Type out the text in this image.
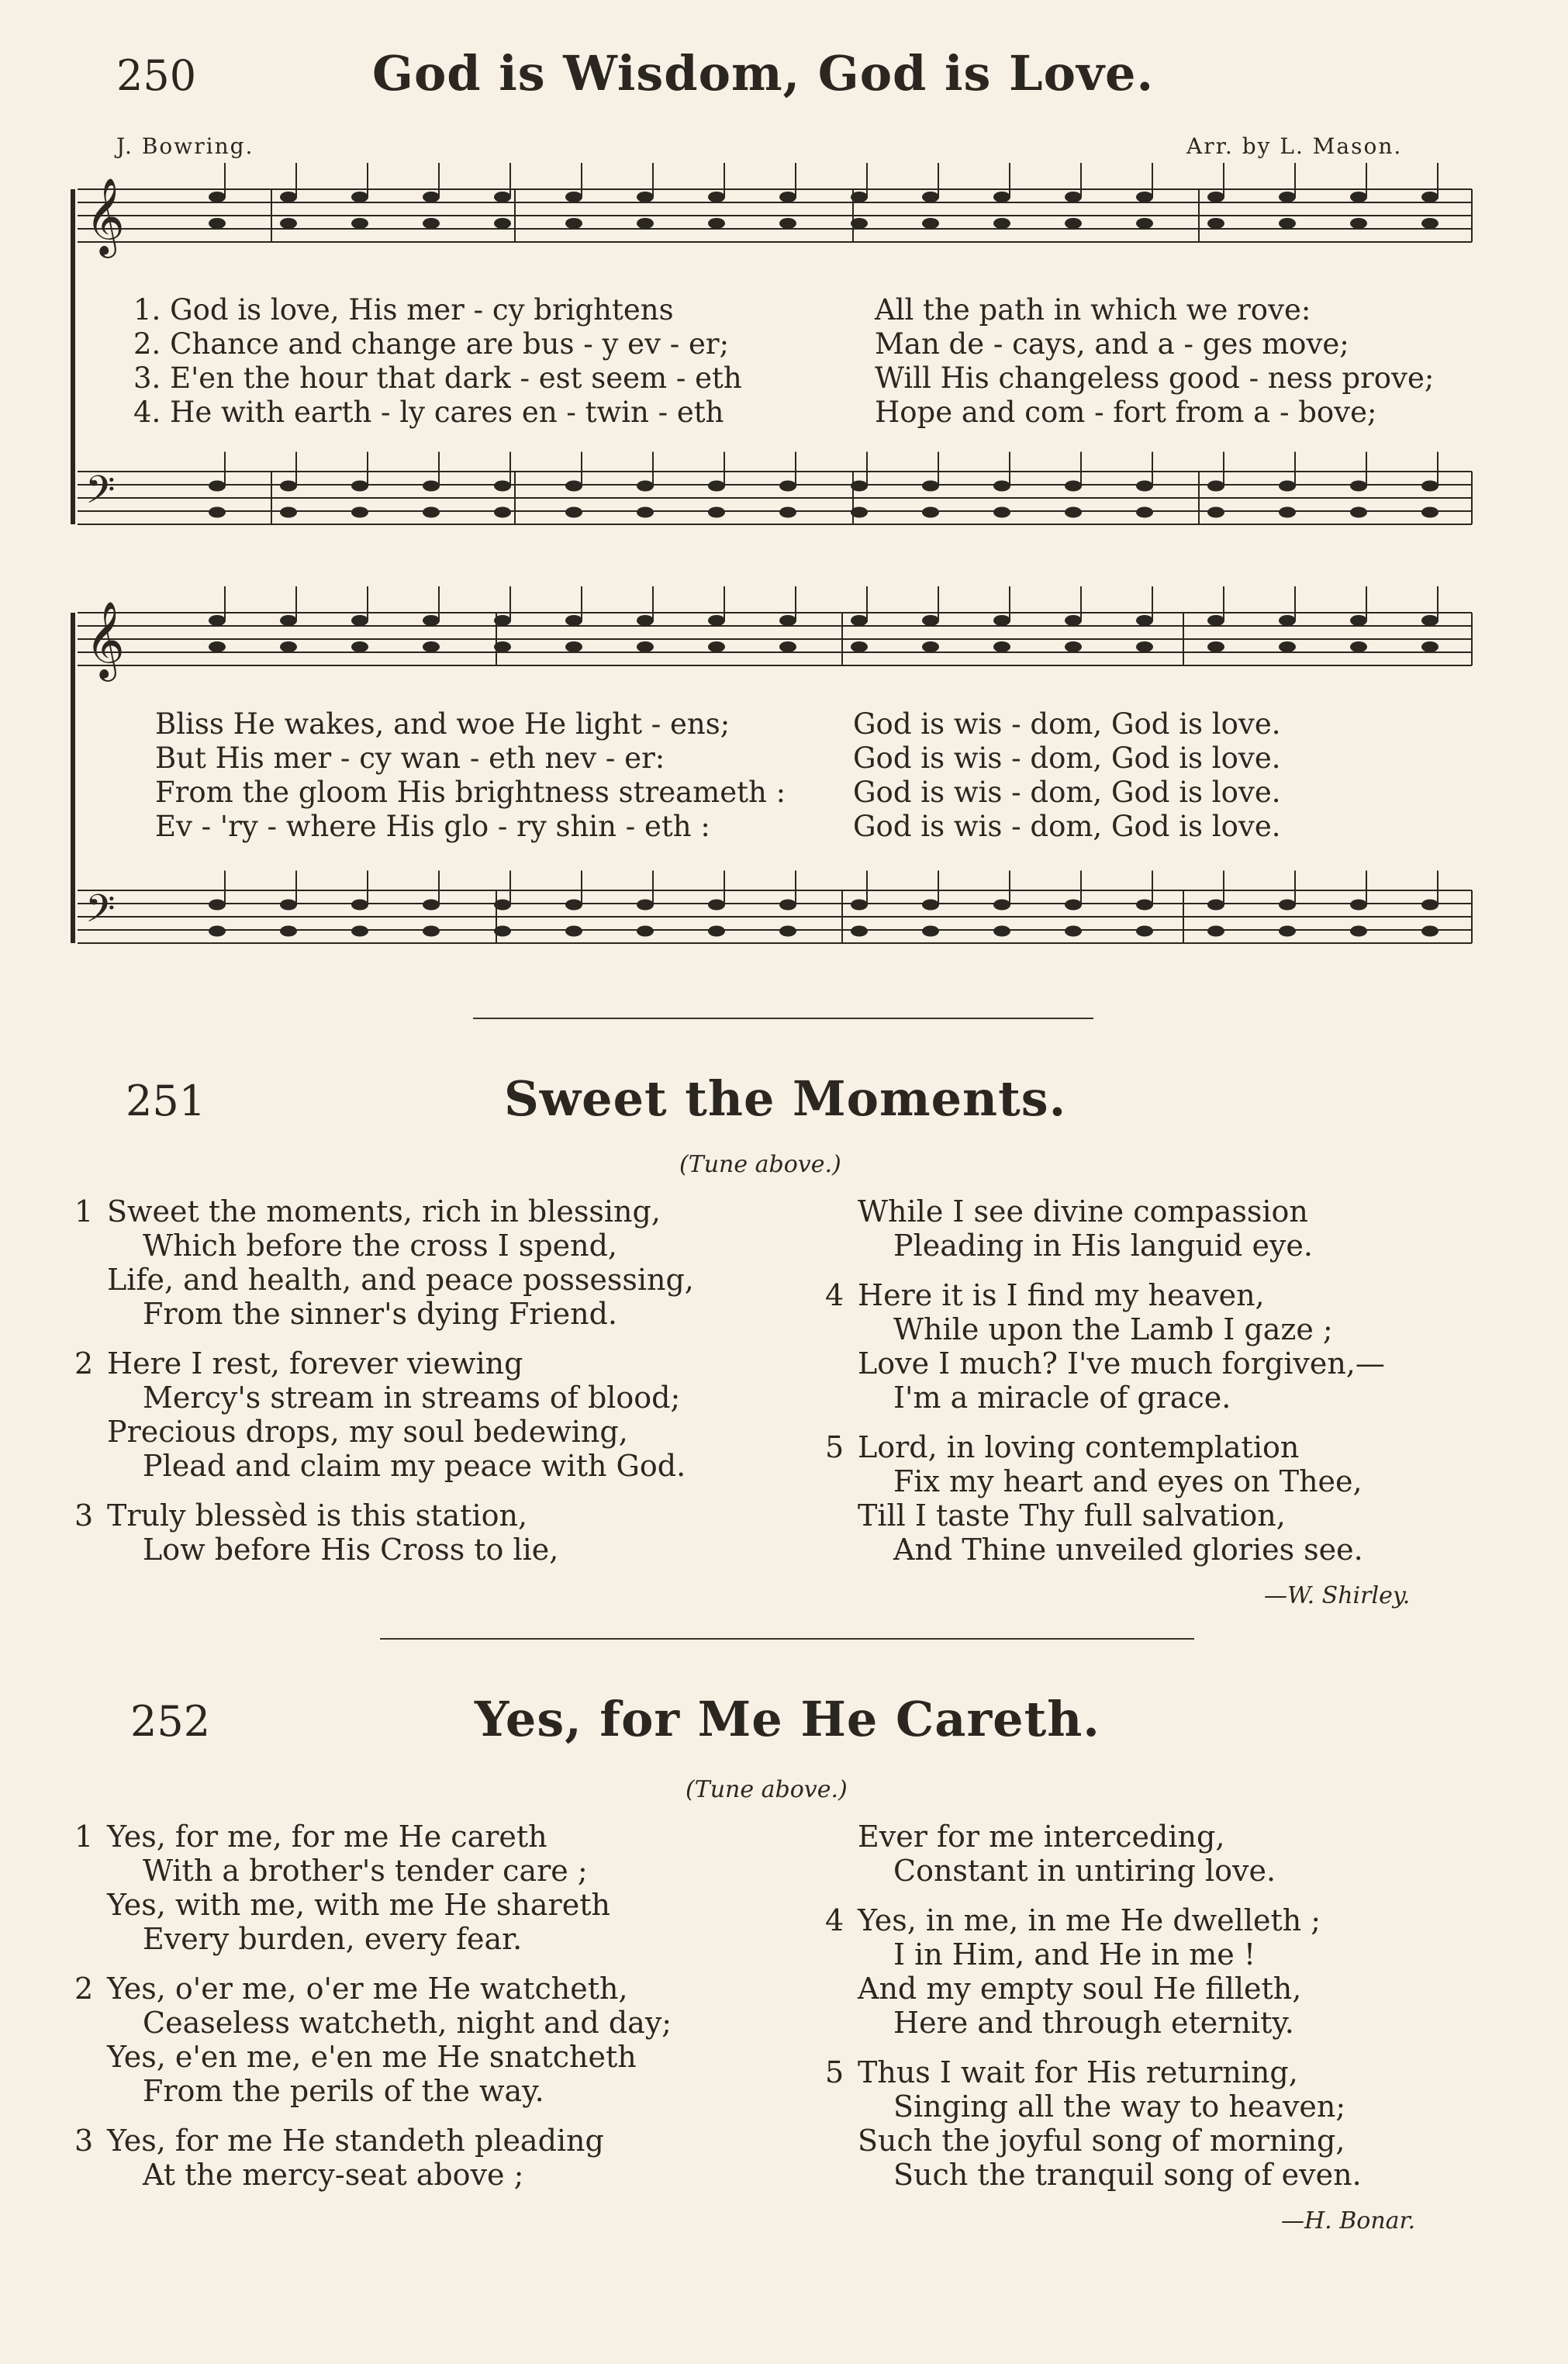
250	God is Wisdom, God is Love.
J. Bowring.	Arr. by L. Mason.
𝄞
𝄢
𝄞
𝄢
1. God is love, His mer - cy brightens
2. Chance and change are bus - y ev - er;
3. E'en the hour that dark - est seem - eth
4. He with earth - ly cares en - twin - eth
All the path in which we rove:
Man de - cays, and a - ges move;
Will His changeless good - ness prove;
Hope and com - fort from a - bove;
Bliss He wakes, and woe He light - ens;
But His mer - cy wan - eth nev - er:
From the gloom His brightness streameth :
Ev - 'ry - where His glo - ry shin - eth :
God is wis - dom, God is love.
God is wis - dom, God is love.
God is wis - dom, God is love.
God is wis - dom, God is love.
251	Sweet the Moments.
(Tune above.)
1 Sweet the moments, rich in blessing,
Which before the cross I spend,
Life, and health, and peace possessing,
From the sinner's dying Friend.
2 Here I rest, forever viewing
Mercy's stream in streams of blood;
Precious drops, my soul bedewing,
Plead and claim my peace with God.
3 Truly blessèd is this station,
Low before His Cross to lie,
While I see divine compassion
Pleading in His languid eye.
4 Here it is I find my heaven,
While upon the Lamb I gaze ;
Love I much? I've much forgiven,—
I'm a miracle of grace.
5 Lord, in loving contemplation
Fix my heart and eyes on Thee,
Till I taste Thy full salvation,
And Thine unveiled glories see.
—W. Shirley.
252	Yes, for Me He Careth.
(Tune above.)
1 Yes, for me, for me He careth
With a brother's tender care ;
Yes, with me, with me He shareth
Every burden, every fear.
2 Yes, o'er me, o'er me He watcheth,
Ceaseless watcheth, night and day;
Yes, e'en me, e'en me He snatcheth
From the perils of the way.
3 Yes, for me He standeth pleading
At the mercy-seat above ;
Ever for me interceding,
Constant in untiring love.
4 Yes, in me, in me He dwelleth ;
I in Him, and He in me !
And my empty soul He filleth,
Here and through eternity.
5 Thus I wait for His returning,
Singing all the way to heaven;
Such the joyful song of morning,
Such the tranquil song of even.
—H. Bonar.
